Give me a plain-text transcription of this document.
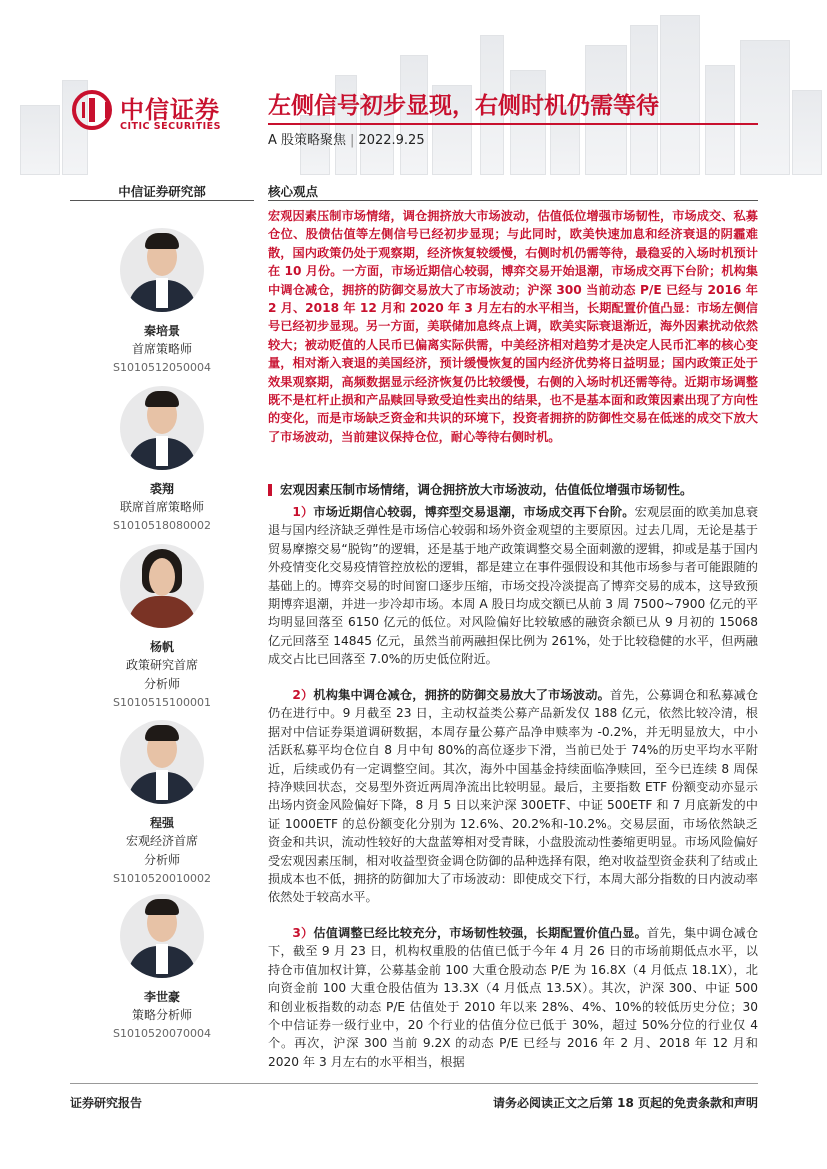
中信证券
CITIC SECURITIES
左侧信号初步显现，右侧时机仍需等待
A 股策略聚焦 | 2022.9.25
中信证券研究部	核心观点
秦培景
首席策略师
S1010512050004
裘翔
联席首席策略师
S1010518080002
杨帆
政策研究首席
分析师
S1010515100001
程强
宏观经济首席
分析师
S1010520010002
李世豪
策略分析师
S1010520070004
宏观因素压制市场情绪，调仓拥挤放大市场波动，估值低位增强市场韧性，市场成交、私募仓位、股债估值等左侧信号已经初步显现；与此同时，欧美快速加息和经济衰退的阴霾难散，国内政策仍处于观察期，经济恢复较缓慢，右侧时机仍需等待，最稳妥的入场时机预计在 10 月份。一方面，市场近期信心较弱，博弈交易开始退潮，市场成交再下台阶；机构集中调仓减仓，拥挤的防御交易放大了市场波动；沪深 300 当前动态 P/E 已经与 2016 年 2 月、2018 年 12 月和 2020 年 3 月左右的水平相当，长期配置价值凸显：市场左侧信号已经初步显现。另一方面，美联储加息终点上调，欧美实际衰退渐近，海外因素扰动依然较大；被动贬值的人民币已偏离实际供需，中美经济相对趋势才是决定人民币汇率的核心变量，相对渐入衰退的美国经济，预计缓慢恢复的国内经济优势将日益明显；国内政策正处于效果观察期，高频数据显示经济恢复仍比较缓慢，右侧的入场时机还需等待。近期市场调整既不是杠杆止损和产品赎回导致受迫性卖出的结果，也不是基本面和政策因素出现了方向性的变化，而是市场缺乏资金和共识的环境下，投资者拥挤的防御性交易在低迷的成交下放大了市场波动，当前建议保持仓位，耐心等待右侧时机。
宏观因素压制市场情绪，调仓拥挤放大市场波动，估值低位增强市场韧性。
1）市场近期信心较弱，博弈型交易退潮，市场成交再下台阶。宏观层面的欧美加息衰退与国内经济缺乏弹性是市场信心较弱和场外资金观望的主要原因。过去几周，无论是基于贸易摩擦交易“脱钩”的逻辑，还是基于地产政策调整交易全面刺激的逻辑，抑或是基于国内外疫情变化交易疫情管控放松的逻辑，都是建立在事件强假设和其他市场参与者可能跟随的基础上的。博弈交易的时间窗口逐步压缩，市场交投冷淡提高了博弈交易的成本，这导致预期博弈退潮，并进一步冷却市场。本周 A 股日均成交额已从前 3 周 7500~7900 亿元的平均明显回落至 6150 亿元的低位。对风险偏好比较敏感的融资余额已从 9 月初的 15068 亿元回落至 14845 亿元，虽然当前两融担保比例为 261%，处于比较稳健的水平，但两融成交占比已回落至 7.0%的历史低位附近。
2）机构集中调仓减仓，拥挤的防御交易放大了市场波动。首先，公募调仓和私募减仓仍在进行中。9 月截至 23 日，主动权益类公募产品新发仅 188 亿元，依然比较冷清，根据对中信证券渠道调研数据，本周存量公募产品净申赎率为 -0.2%，并无明显放大，中小活跃私募平均仓位自 8 月中旬 80%的高位逐步下滑，当前已处于 74%的历史平均水平附近，后续或仍有一定调整空间。其次，海外中国基金持续面临净赎回，至今已连续 8 周保持净赎回状态，交易型外资近两周净流出比较明显。最后，主要指数 ETF 份额变动亦显示出场内资金风险偏好下降，8 月 5 日以来沪深 300ETF、中证 500ETF 和 7 月底新发的中证 1000ETF 的总份额变化分别为 12.6%、20.2%和-10.2%。交易层面，市场依然缺乏资金和共识，流动性较好的大盘蓝筹相对受青睐，小盘股流动性萎缩更明显。市场风险偏好受宏观因素压制，相对收益型资金调仓防御的品种选择有限，绝对收益型资金获利了结或止损成本也不低，拥挤的防御加大了市场波动：即使成交下行，本周大部分指数的日内波动率依然处于较高水平。
3）估值调整已经比较充分，市场韧性较强，长期配置价值凸显。首先，集中调仓减仓下，截至 9 月 23 日，机构权重股的估值已低于今年 4 月 26 日的市场前期低点水平，以持仓市值加权计算，公募基金前 100 大重仓股动态 P/E 为 16.8X（4 月低点 18.1X），北向资金前 100 大重仓股估值为 13.3X（4 月低点 13.5X）。其次，沪深 300、中证 500 和创业板指数的动态 P/E 估值处于 2010 年以来 28%、4%、10%的较低历史分位；30 个中信证券一级行业中，20 个行业的估值分位已低于 30%，超过 50%分位的行业仅 4 个。再次，沪深 300 当前 9.2X 的动态 P/E 已经与 2016 年 2 月、2018 年 12 月和 2020 年 3 月左右的水平相当，根据
证券研究报告	请务必阅读正文之后第 18 页起的免责条款和声明
